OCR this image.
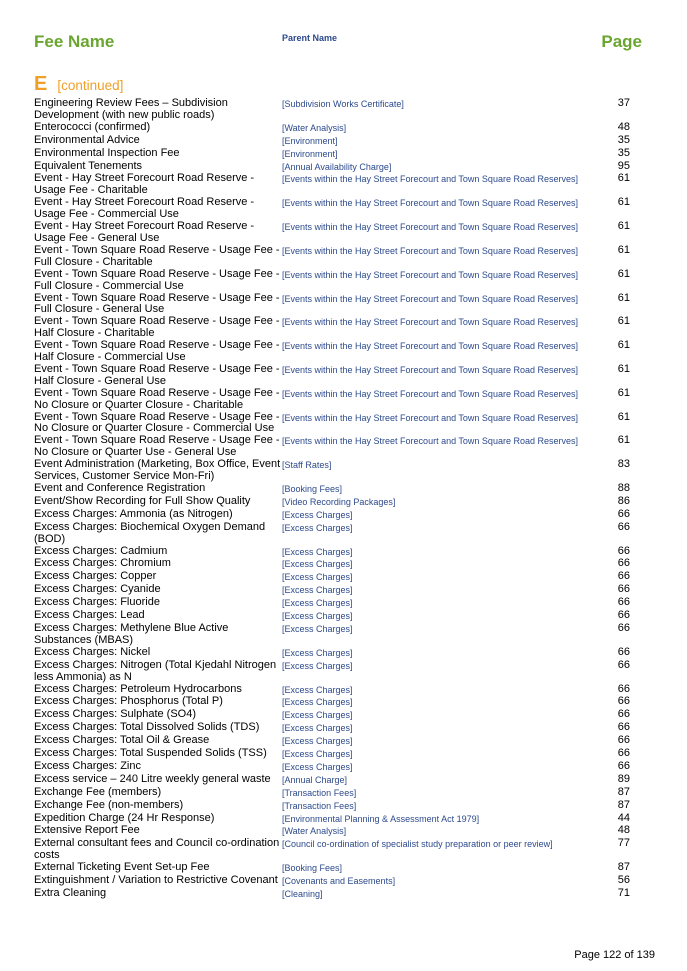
Fee Name	Parent Name	Page
E [continued]
Engineering Review Fees – Subdivision Development (with new public roads)
[Subdivision Works Certificate]	37
Enterococci (confirmed)	[Water Analysis]	48
Environmental Advice	[Environment]	35
Environmental Inspection Fee	[Environment]	35
Equivalent Tenements	[Annual Availability Charge]	95
Event - Hay Street Forecourt Road Reserve - Usage Fee - Charitable
[Events within the Hay Street Forecourt and Town Square Road Reserves]	61
Event - Hay Street Forecourt Road Reserve - Usage Fee - Commercial Use
[Events within the Hay Street Forecourt and Town Square Road Reserves]	61
Event - Hay Street Forecourt Road Reserve - Usage Fee - General Use
[Events within the Hay Street Forecourt and Town Square Road Reserves]	61
Event - Town Square Road Reserve - Usage Fee - Full Closure - Charitable
[Events within the Hay Street Forecourt and Town Square Road Reserves]	61
Event - Town Square Road Reserve - Usage Fee - Full Closure - Commercial Use
[Events within the Hay Street Forecourt and Town Square Road Reserves]	61
Event - Town Square Road Reserve - Usage Fee - Full Closure - General Use
[Events within the Hay Street Forecourt and Town Square Road Reserves]	61
Event - Town Square Road Reserve - Usage Fee - Half Closure - Charitable
[Events within the Hay Street Forecourt and Town Square Road Reserves]	61
Event - Town Square Road Reserve - Usage Fee - Half Closure - Commercial Use
[Events within the Hay Street Forecourt and Town Square Road Reserves]	61
Event - Town Square Road Reserve - Usage Fee - Half Closure - General Use
[Events within the Hay Street Forecourt and Town Square Road Reserves]	61
Event - Town Square Road Reserve - Usage Fee - No Closure or Quarter Closure - Charitable
[Events within the Hay Street Forecourt and Town Square Road Reserves]	61
Event - Town Square Road Reserve - Usage Fee - No Closure or Quarter Closure - Commercial Use
[Events within the Hay Street Forecourt and Town Square Road Reserves]	61
Event - Town Square Road Reserve - Usage Fee - No Closure or Quarter Use - General Use
[Events within the Hay Street Forecourt and Town Square Road Reserves]	61
Event Administration (Marketing, Box Office, Event Services, Customer Service Mon-Fri)
[Staff Rates]	83
Event and Conference Registration	[Booking Fees]	88
Event/Show Recording for Full Show Quality	[Video Recording Packages]	86
Excess Charges: Ammonia (as Nitrogen)	[Excess Charges]	66
Excess Charges: Biochemical Oxygen Demand (BOD)
[Excess Charges]	66
Excess Charges: Cadmium	[Excess Charges]	66
Excess Charges: Chromium	[Excess Charges]	66
Excess Charges: Copper	[Excess Charges]	66
Excess Charges: Cyanide	[Excess Charges]	66
Excess Charges: Fluoride	[Excess Charges]	66
Excess Charges: Lead	[Excess Charges]	66
Excess Charges: Methylene Blue Active Substances (MBAS)
[Excess Charges]	66
Excess Charges: Nickel	[Excess Charges]	66
Excess Charges: Nitrogen (Total Kjedahl Nitrogen less Ammonia) as N
[Excess Charges]	66
Excess Charges: Petroleum Hydrocarbons	[Excess Charges]	66
Excess Charges: Phosphorus (Total P)	[Excess Charges]	66
Excess Charges: Sulphate (SO4)	[Excess Charges]	66
Excess Charges: Total Dissolved Solids (TDS)	[Excess Charges]	66
Excess Charges: Total Oil & Grease	[Excess Charges]	66
Excess Charges: Total Suspended Solids (TSS)	[Excess Charges]	66
Excess Charges: Zinc	[Excess Charges]	66
Excess service – 240 Litre weekly general waste	[Annual Charge]	89
Exchange Fee (members)	[Transaction Fees]	87
Exchange Fee (non-members)	[Transaction Fees]	87
Expedition Charge (24 Hr Response)	[Environmental Planning & Assessment Act 1979]	44
Extensive Report Fee	[Water Analysis]	48
External consultant fees and Council co-ordination costs
[Council co-ordination of specialist study preparation or peer review]	77
External Ticketing Event Set-up Fee	[Booking Fees]	87
Extinguishment / Variation to Restrictive Covenant [Covenants and Easements]	56
Extra Cleaning	[Cleaning]	71
Page 122 of 139
